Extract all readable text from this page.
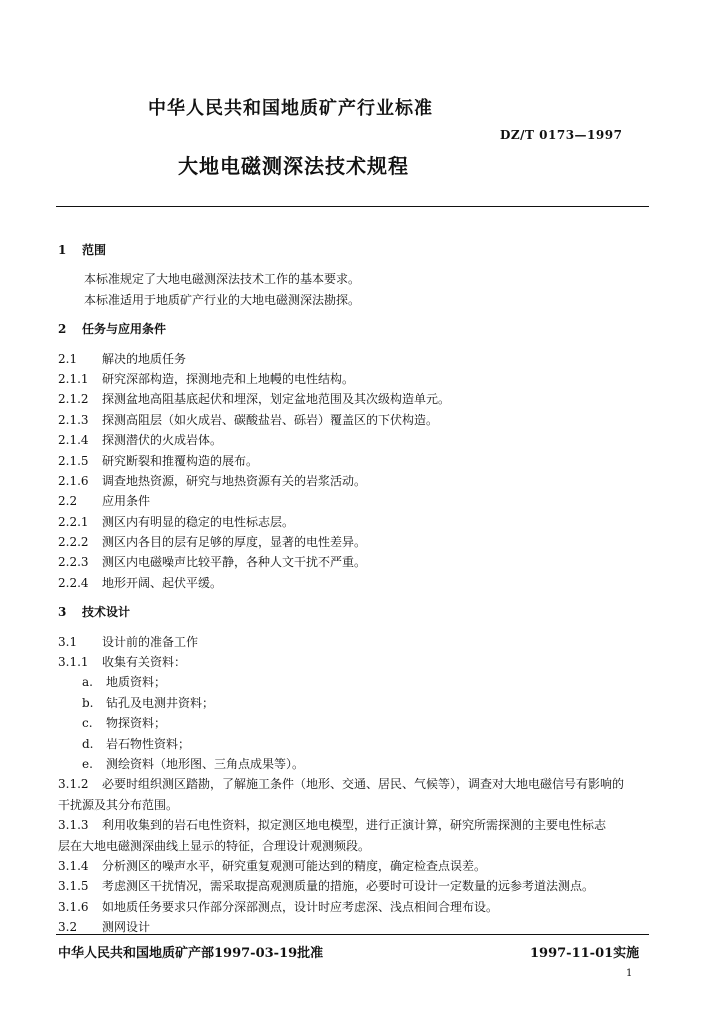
中华人民共和国地质矿产行业标准
DZ/T 0173—1997
大地电磁测深法技术规程
1 范围
本标准规定了大地电磁测深法技术工作的基本要求。
本标准适用于地质矿产行业的大地电磁测深法勘探。
2 任务与应用条件
2.1 解决的地质任务
2.1.1 研究深部构造，探测地壳和上地幔的电性结构。
2.1.2 探测盆地高阻基底起伏和埋深，划定盆地范围及其次级构造单元。
2.1.3 探测高阻层（如火成岩、碳酸盐岩、砾岩）覆盖区的下伏构造。
2.1.4 探测潜伏的火成岩体。
2.1.5 研究断裂和推覆构造的展布。
2.1.6 调查地热资源，研究与地热资源有关的岩浆活动。
2.2 应用条件
2.2.1 测区内有明显的稳定的电性标志层。
2.2.2 测区内各目的层有足够的厚度，显著的电性差异。
2.2.3 测区内电磁噪声比较平静，各种人文干扰不严重。
2.2.4 地形开阔、起伏平缓。
3 技术设计
3.1 设计前的准备工作
3.1.1 收集有关资料：
a. 地质资料；
b. 钻孔及电测井资料；
c. 物探资料；
d. 岩石物性资料；
e. 测绘资料（地形图、三角点成果等）。
3.1.2 必要时组织测区踏勘，了解施工条件（地形、交通、居民、气候等），调查对大地电磁信号有影响的
干扰源及其分布范围。
3.1.3 利用收集到的岩石电性资料，拟定测区地电模型，进行正演计算，研究所需探测的主要电性标志
层在大地电磁测深曲线上显示的特征，合理设计观测频段。
3.1.4 分析测区的噪声水平，研究重复观测可能达到的精度，确定检查点误差。
3.1.5 考虑测区干扰情况，需采取提高观测质量的措施，必要时可设计一定数量的远参考道法测点。
3.1.6 如地质任务要求只作部分深部测点，设计时应考虑深、浅点相间合理布设。
3.2 测网设计
中华人民共和国地质矿产部1997-03-19批准	1997-11-01实施
1
